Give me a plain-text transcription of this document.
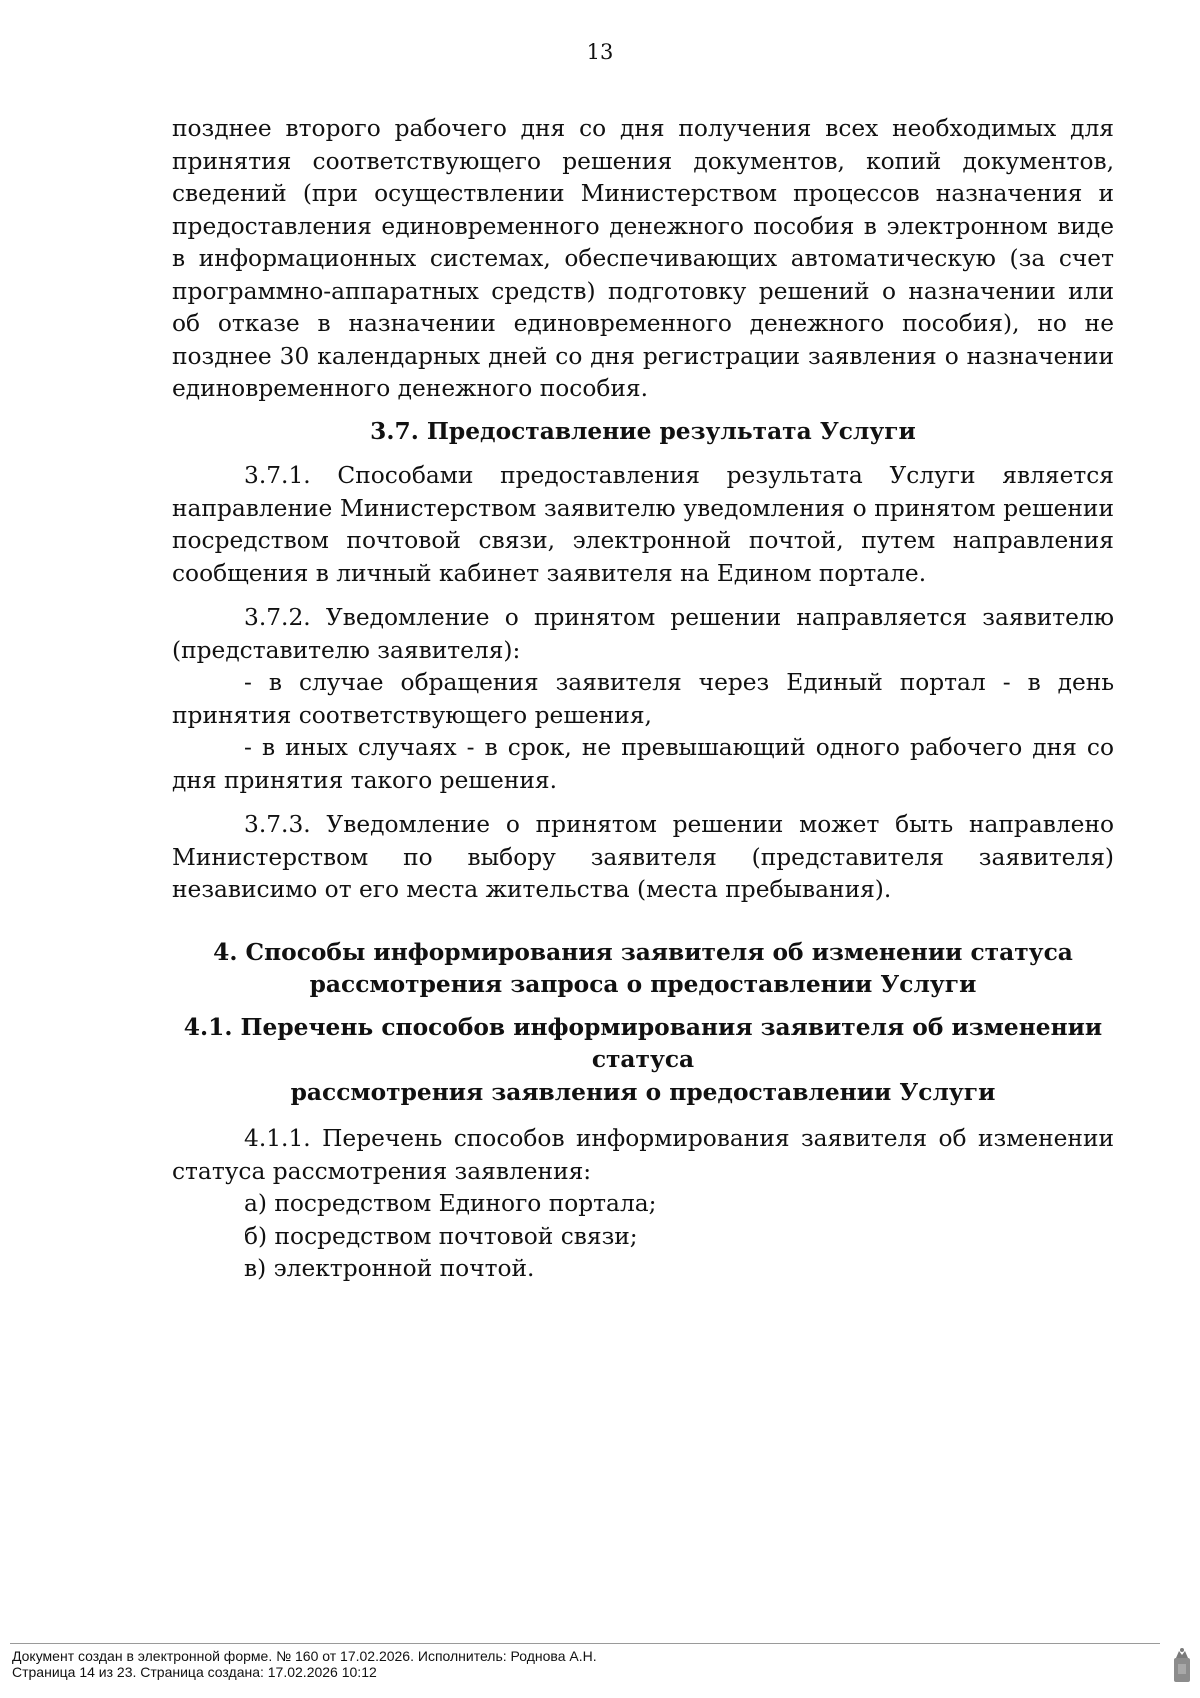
13

позднее второго рабочего дня со дня получения всех необходимых для принятия соответствующего решения документов, копий документов, сведений (при осуществлении Министерством процессов назначения и предоставления единовременного денежного пособия в электронном виде в информационных системах, обеспечивающих автоматическую (за счет программно-аппаратных средств) подготовку решений о назначении или об отказе в назначении единовременного денежного пособия), но не позднее 30 календарных дней со дня регистрации заявления о назначении единовременного денежного пособия.

3.7. Предоставление результата Услуги

3.7.1. Способами предоставления результата Услуги является направление Министерством заявителю уведомления о принятом решении посредством почтовой связи, электронной почтой, путем направления сообщения в личный кабинет заявителя на Едином портале.

3.7.2. Уведомление о принятом решении направляется заявителю (представителю заявителя):

- в случае обращения заявителя через Единый портал - в день принятия соответствующего решения,

- в иных случаях - в срок, не превышающий одного рабочего дня со дня принятия такого решения.

3.7.3. Уведомление о принятом решении может быть направлено Министерством по выбору заявителя (представителя заявителя) независимо от его места жительства (места пребывания).

4. Способы информирования заявителя об изменении статуса
рассмотрения запроса о предоставлении Услуги
4.1. Перечень способов информирования заявителя об изменении статуса
рассмотрения заявления о предоставлении Услуги

4.1.1. Перечень способов информирования заявителя об изменении статуса рассмотрения заявления:

а) посредством Единого портала;

б) посредством почтовой связи;

в) электронной почтой.

Документ создан в электронной форме. № 160 от 17.02.2026. Исполнитель: Роднова А.Н.
Страница 14 из 23. Страница создана: 17.02.2026 10:12
